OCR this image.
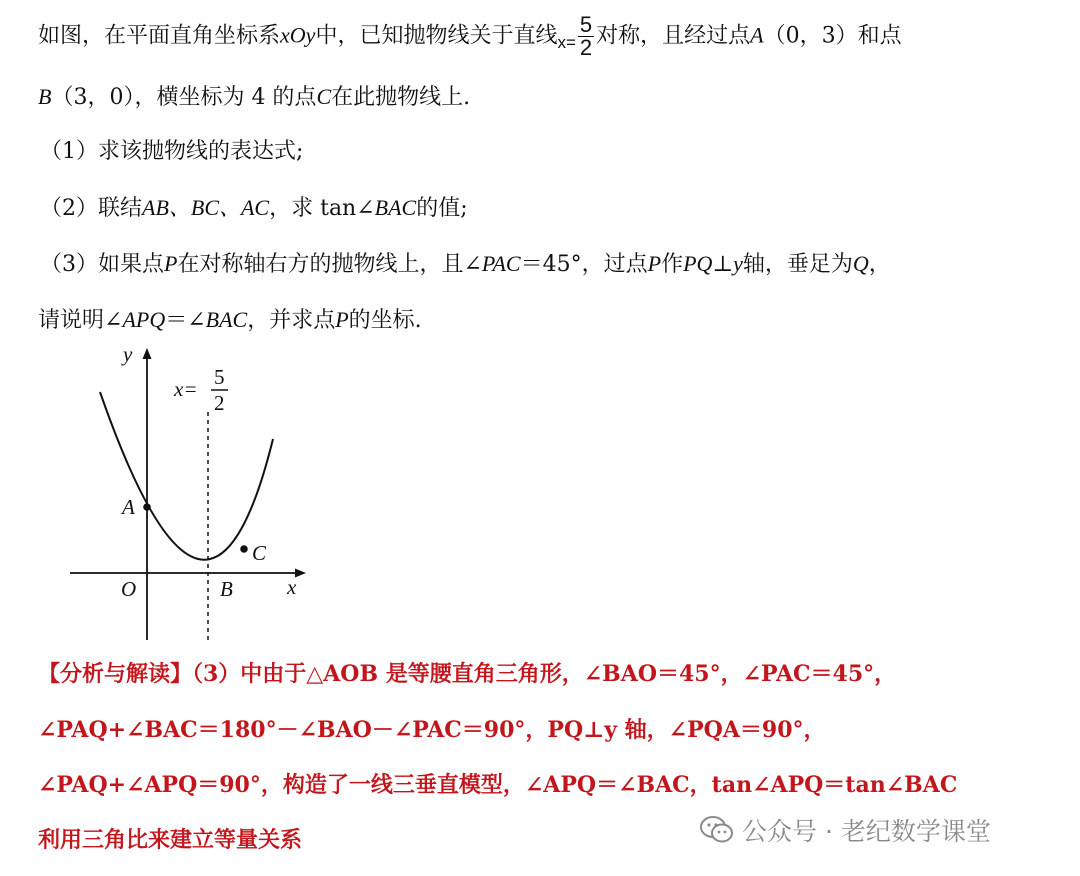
如图，在平面直角坐标系xOy中，已知抛物线关于直线$x= \frac{5}{2}$ 对称，且经过点A（0，3）和点
B（3，0），横坐标为 4 的点C在此抛物线上.
（1）求该抛物线的表达式;
（2）联结AB、BC、AC，求 tan∠BAC的值;
（3）如果点P在对称轴右方的抛物线上，且∠PAC＝45°，过点P作PQ⊥y轴，垂足为Q，
请说明∠APQ＝∠BAC，并求点P的坐标.
y
x
O
A
B
C
x= 5
2
【分析与解读】（3）中由于△AOB 是等腰直角三角形，∠BAO＝45°，∠PAC＝45°，
∠PAQ+∠BAC＝180°－∠BAO－∠PAC＝90°，PQ⊥y 轴，∠PQA＝90°，
∠PAQ+∠APQ＝90°，构造了一线三垂直模型，∠APQ＝∠BAC，tan∠APQ＝tan∠BAC
利用三角比来建立等量关系	公众号 · 老纪数学课堂
